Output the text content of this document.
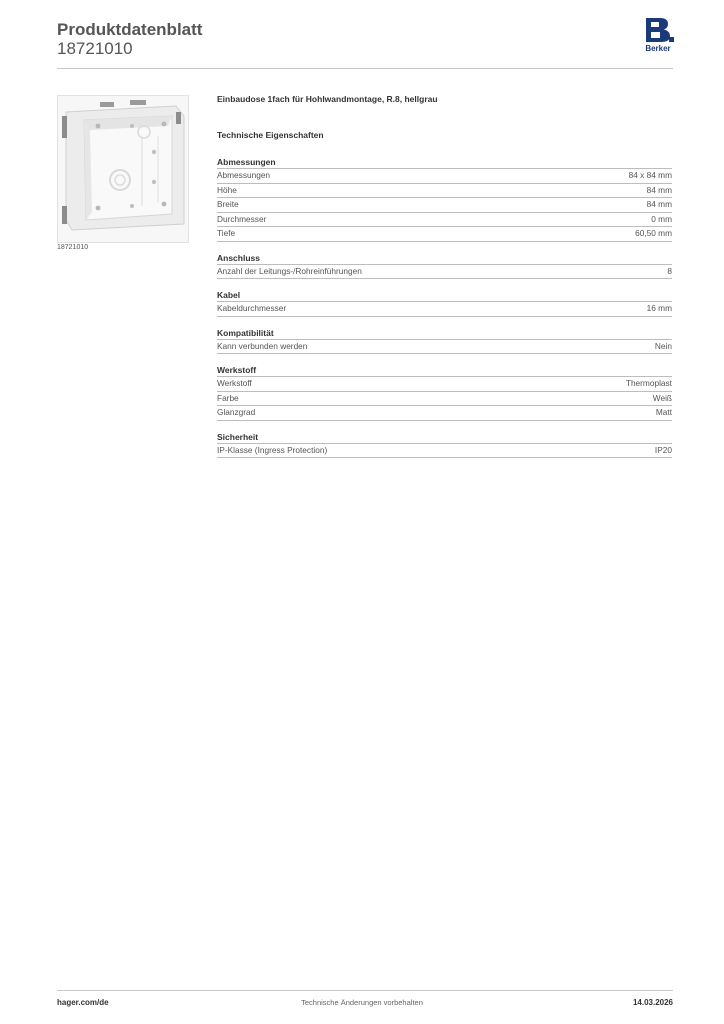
Produktdatenblatt
18721010	Berker
18721010
Einbaudose 1fach für Hohlwandmontage, R.8, hellgrau
Technische Eigenschaften
Abmessungen
Abmessungen	84 x 84 mm
Höhe	84 mm
Breite	84 mm
Durchmesser	0 mm
Tiefe	60,50 mm
Anschluss
Anzahl der Leitungs-/Rohreinführungen	8
Kabel
Kabeldurchmesser	16 mm
Kompatibilität
Kann verbunden werden	Nein
Werkstoff
Werkstoff	Thermoplast
Farbe	Weiß
Glanzgrad	Matt
Sicherheit
IP-Klasse (Ingress Protection)	IP20
hager.com/de	Technische Änderungen vorbehalten	14.03.2026
